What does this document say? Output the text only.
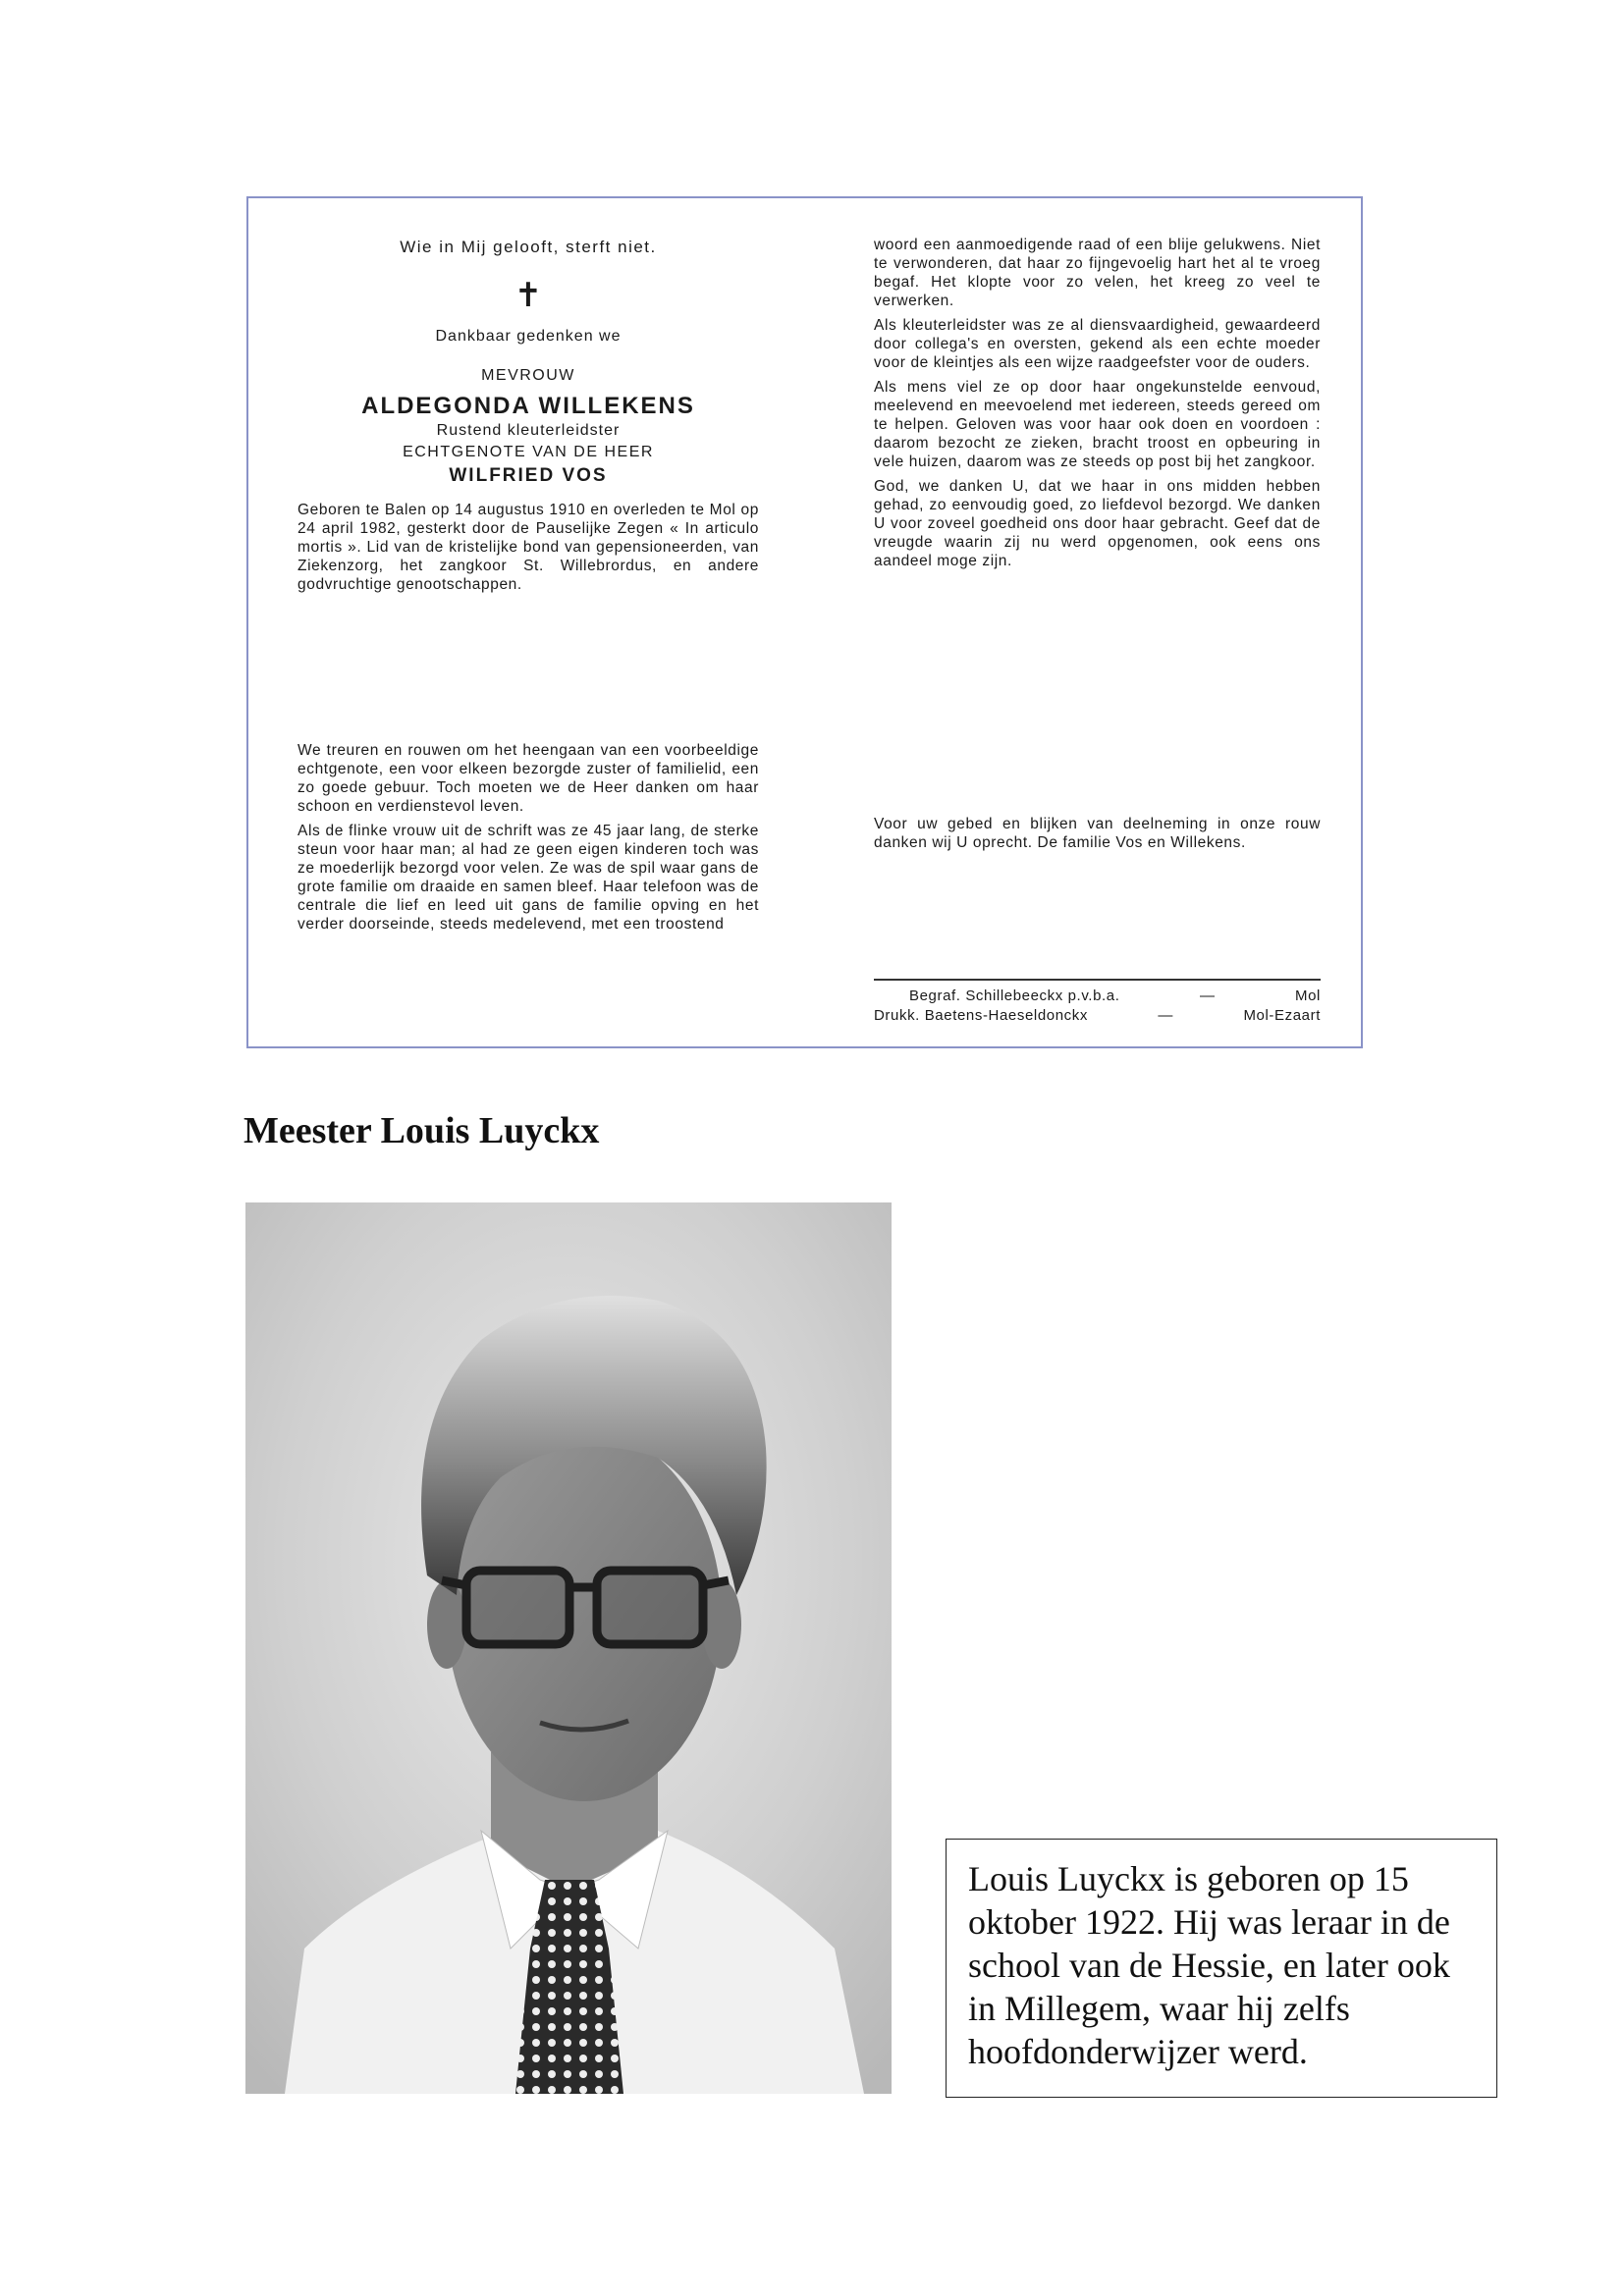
Wie in Mij gelooft, sterft niet.

✝

Dankbaar gedenken we

MEVROUW

ALDEGONDA WILLEKENS

Rustend kleuterleidster

ECHTGENOTE VAN DE HEER

WILFRIED VOS

Geboren te Balen op 14 augustus 1910 en overleden te Mol op 24 april 1982, gesterkt door de Pauselijke Zegen « In articulo mortis ». Lid van de kristelijke bond van gepensioneerden, van Ziekenzorg, het zangkoor St. Willebrordus, en andere godvruchtige genootschappen.

We treuren en rouwen om het heengaan van een voorbeeldige echtgenote, een voor elkeen bezorgde zuster of familielid, een zo goede gebuur. Toch moeten we de Heer danken om haar schoon en verdienstevol leven.

Als de flinke vrouw uit de schrift was ze 45 jaar lang, de sterke steun voor haar man; al had ze geen eigen kinderen toch was ze moederlijk bezorgd voor velen. Ze was de spil waar gans de grote familie om draaide en samen bleef. Haar telefoon was de centrale die lief en leed uit gans de familie opving en het verder doorseinde, steeds medelevend, met een troostend

woord een aanmoedigende raad of een blije gelukwens. Niet te verwonderen, dat haar zo fijngevoelig hart het al te vroeg begaf. Het klopte voor zo velen, het kreeg zo veel te verwerken.

Als kleuterleidster was ze al diensvaardigheid, gewaardeerd door collega's en oversten, gekend als een echte moeder voor de kleintjes als een wijze raadgeefster voor de ouders.

Als mens viel ze op door haar ongekunstelde eenvoud, meelevend en meevoelend met iedereen, steeds gereed om te helpen. Geloven was voor haar ook doen en voordoen : daarom bezocht ze zieken, bracht troost en opbeuring in vele huizen, daarom was ze steeds op post bij het zangkoor.

God, we danken U, dat we haar in ons midden hebben gehad, zo eenvoudig goed, zo liefdevol bezorgd. We danken U voor zoveel goedheid ons door haar gebracht. Geef dat de vreugde waarin zij nu werd opgenomen, ook eens ons aandeel moge zijn.

Voor uw gebed en blijken van deelneming in onze rouw danken wij U oprecht. De familie Vos en Willekens.

Begraf. Schillebeeckx p.v.b.a.	—	Mol
Drukk. Baetens-Haeseldonckx	—	Mol-Ezaart
Meester Louis Luyckx
Louis Luyckx is geboren op 15 oktober 1922. Hij was leraar in de school van de Hessie, en later ook in Millegem, waar hij zelfs hoofdonderwijzer werd.
